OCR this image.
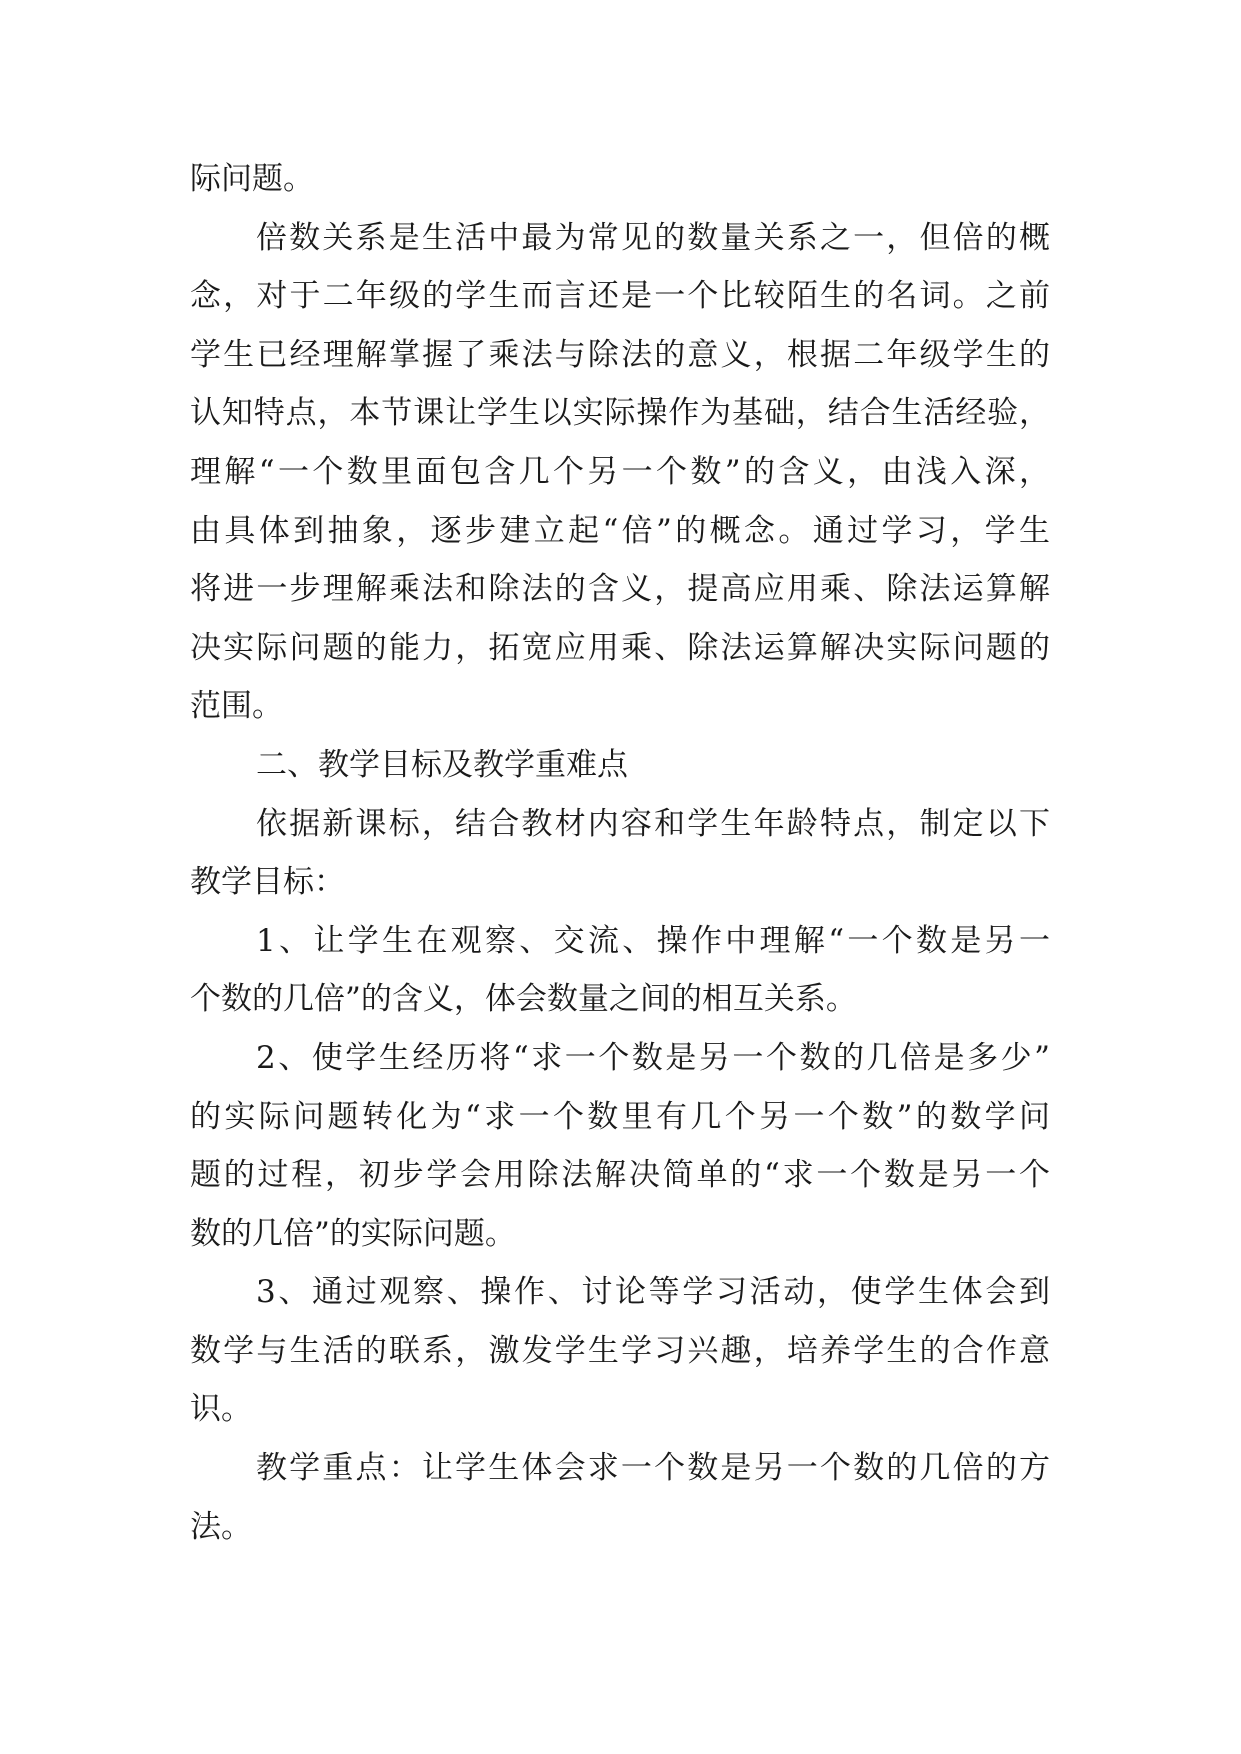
际问题。
倍数关系是生活中最为常见的数量关系之一，但倍的概
念，对于二年级的学生而言还是一个比较陌生的名词。之前
学生已经理解掌握了乘法与除法的意义，根据二年级学生的
认知特点，本节课让学生以实际操作为基础，结合生活经验，
理解“一个数里面包含几个另一个数”的含义，由浅入深，
由具体到抽象，逐步建立起“倍”的概念。通过学习，学生
将进一步理解乘法和除法的含义，提高应用乘、除法运算解
决实际问题的能力，拓宽应用乘、除法运算解决实际问题的
范围。
二、教学目标及教学重难点
依据新课标，结合教材内容和学生年龄特点，制定以下
教学目标：
1、让学生在观察、交流、操作中理解“一个数是另一
个数的几倍”的含义，体会数量之间的相互关系。
2、使学生经历将“求一个数是另一个数的几倍是多少”
的实际问题转化为“求一个数里有几个另一个数”的数学问
题的过程，初步学会用除法解决简单的“求一个数是另一个
数的几倍”的实际问题。
3、通过观察、操作、讨论等学习活动，使学生体会到
数学与生活的联系，激发学生学习兴趣，培养学生的合作意
识。
教学重点：让学生体会求一个数是另一个数的几倍的方
法。
